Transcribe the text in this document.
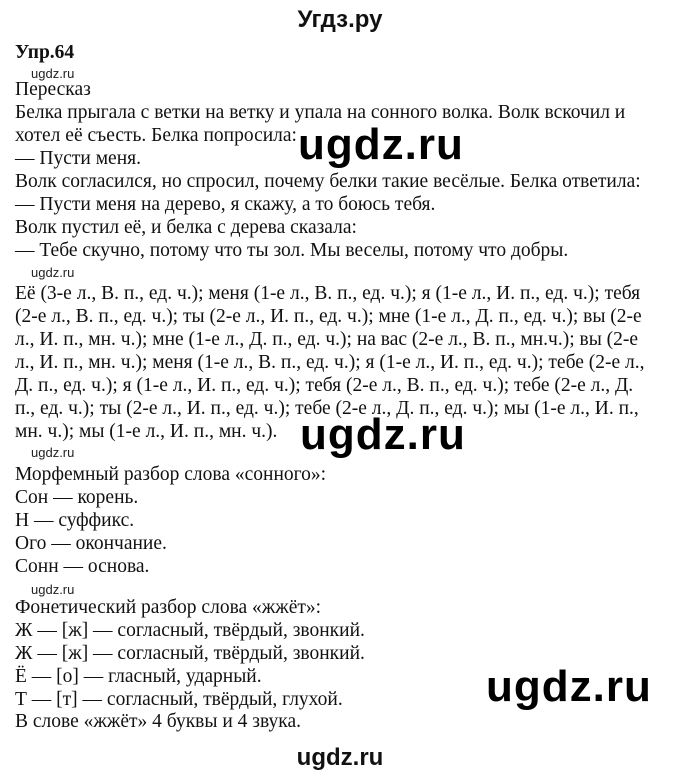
Угдз.ру
Упр.64
ugdz.ru
Пересказ
Белка прыгала с ветки на ветку и упала на сонного волка. Волк вскочил и
хотел её съесть. Белка попросила:
— Пусти меня.
Волк согласился, но спросил, почему белки такие весёлые. Белка ответила:
— Пусти меня на дерево, я скажу, а то боюсь тебя.
Волк пустил её, и белка с дерева сказала:
— Тебе скучно, потому что ты зол. Мы веселы, потому что добры.
ugdz.ru
Её (3-е л., В. п., ед. ч.); меня (1-е л., В. п., ед. ч.); я (1-е л., И. п., ед. ч.); тебя
(2-е л., В. п., ед. ч.); ты (2-е л., И. п., ед. ч.); мне (1-е л., Д. п., ед. ч.); вы (2-е
л., И. п., мн. ч.); мне (1-е л., Д. п., ед. ч.); на вас (2-е л., В. п., мн.ч.); вы (2-е
л., И. п., мн. ч.); меня (1-е л., В. п., ед. ч.); я (1-е л., И. п., ед. ч.); тебе (2-е л.,
Д. п., ед. ч.); я (1-е л., И. п., ед. ч.); тебя (2-е л., В. п., ед. ч.); тебе (2-е л., Д.
п., ед. ч.); ты (2-е л., И. п., ед. ч.); тебе (2-е л., Д. п., ед. ч.); мы (1-е л., И. п.,
мн. ч.); мы (1-е л., И. п., мн. ч.).
ugdz.ru
Морфемный разбор слова «сонного»:
Сон — корень.
Н — суффикс.
Ого — окончание.
Сонн — основа.
ugdz.ru
Фонетический разбор слова «жжёт»:
Ж — [ж] — согласный, твёрдый, звонкий.
Ж — [ж] — согласный, твёрдый, звонкий.
Ё — [о] — гласный, ударный.
Т — [т] — согласный, твёрдый, глухой.
В слове «жжёт» 4 буквы и 4 звука.
ugdz.ru
ugdz.ru
ugdz.ru
ugdz.ru
